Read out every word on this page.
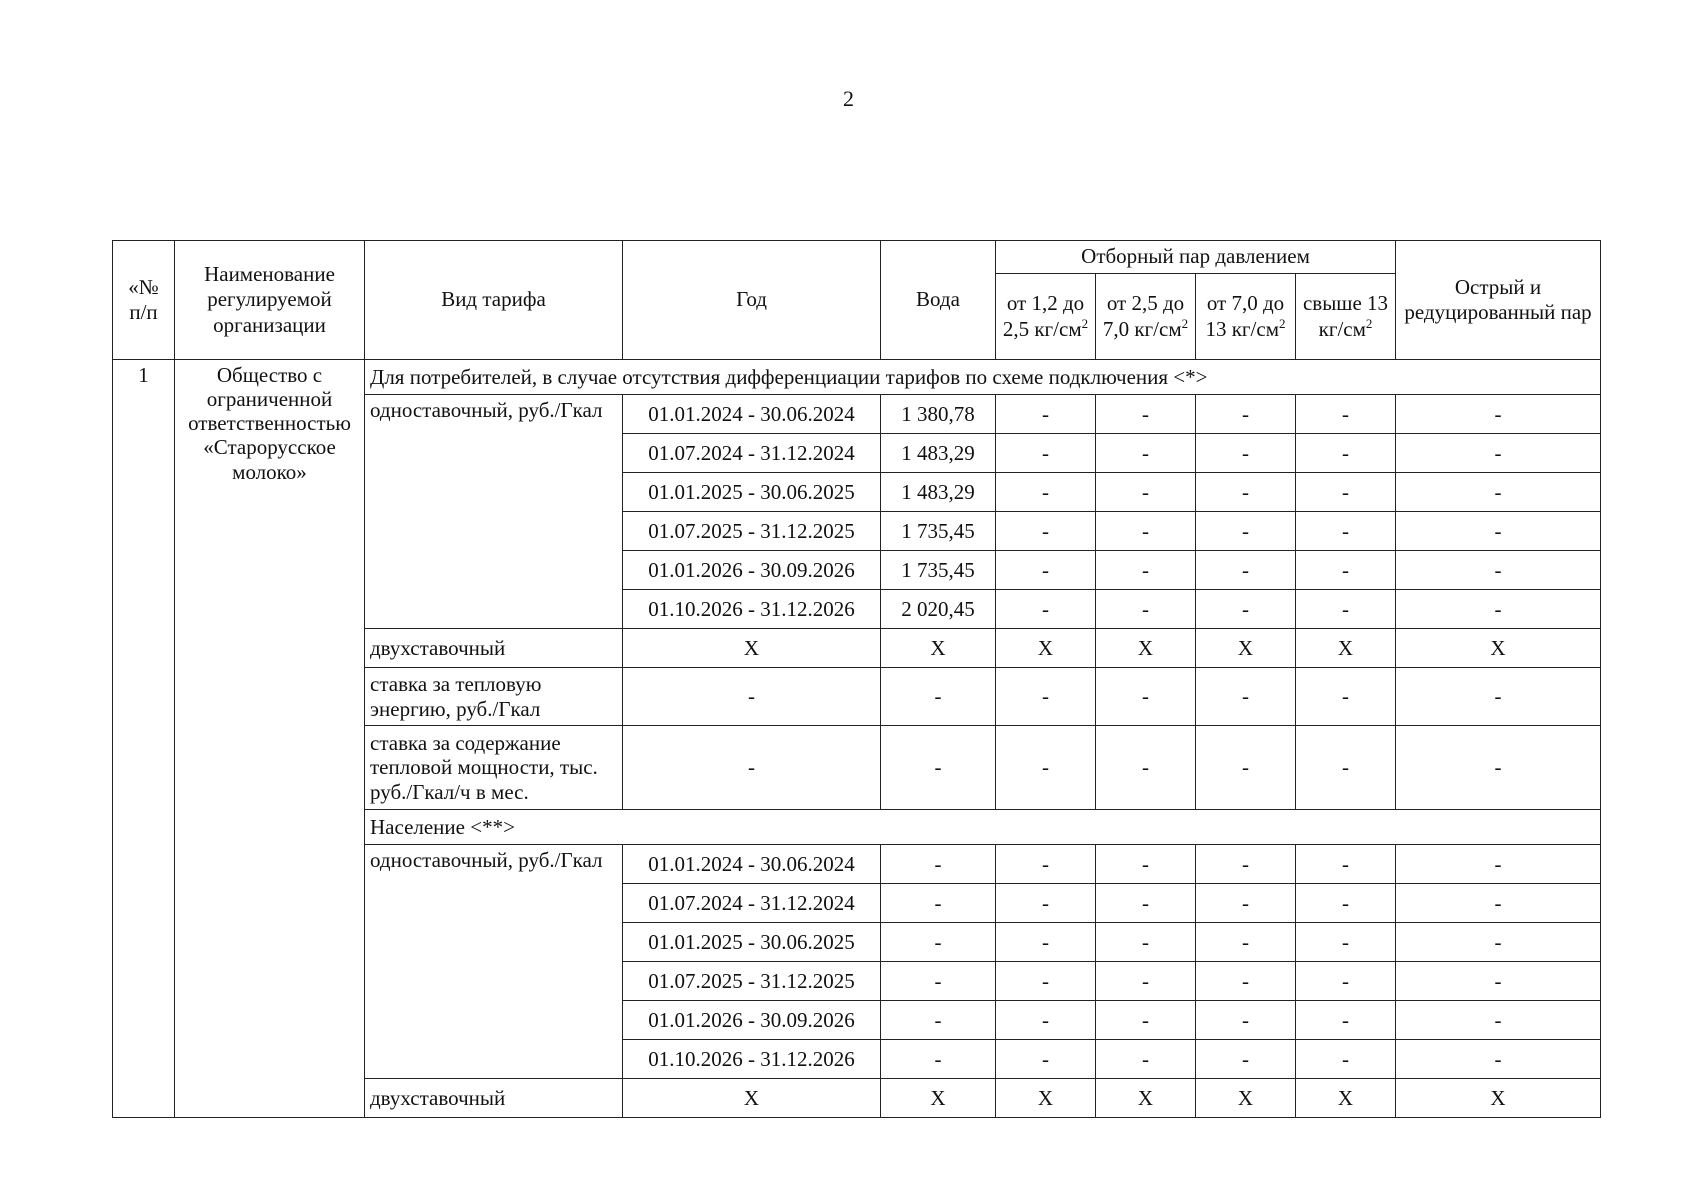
2
«№ п/п	Наименование регулируемой организации	Вид тарифа	Год	Вода	Отборный пар давлением				Острый и редуцированный пар
					от 1,2 до 2,5 $кг/см^2$	от 2,5 до 7,0 $кг/см^2$	от 7,0 до 13 $кг/см^2$	свыше 13 $кг/см^2$
1	Общество с ограниченной ответственностью «Старорусское молоко»	Для потребителей, в случае отсутствия дифференциации тарифов по схеме подключения <*>							
		одноставочный, руб./Гкал	01.01.2024 - 30.06.2024	1 380,78	-	-	-	-	-
			01.07.2024 - 31.12.2024	1 483,29	-	-	-	-	-
			01.01.2025 - 30.06.2025	1 483,29	-	-	-	-	-
			01.07.2025 - 31.12.2025	1 735,45	-	-	-	-	-
			01.01.2026 - 30.09.2026	1 735,45	-	-	-	-	-
			01.10.2026 - 31.12.2026	2 020,45	-	-	-	-	-
		двухставочный	X	X	X	X	X	X	X
		ставка за тепловую энергию, руб./Гкал	-	-	-	-	-	-	-
		ставка за содержание тепловой мощности, тыс. руб./Гкал/ч в мес.	-	-	-	-	-	-	-
		Население <**>							
		одноставочный, руб./Гкал	01.01.2024 - 30.06.2024	-	-	-	-	-	-
			01.07.2024 - 31.12.2024	-	-	-	-	-	-
			01.01.2025 - 30.06.2025	-	-	-	-	-	-
			01.07.2025 - 31.12.2025	-	-	-	-	-	-
			01.01.2026 - 30.09.2026	-	-	-	-	-	-
			01.10.2026 - 31.12.2026	-	-	-	-	-	-
		двухставочный	X	X	X	X	X	X	X
